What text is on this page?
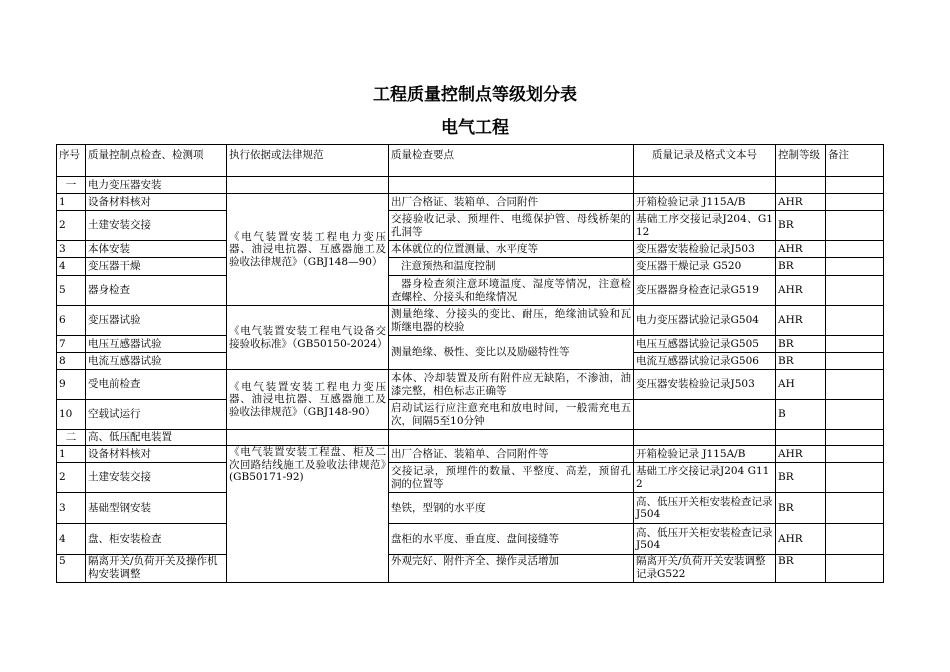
工程质量控制点等级划分表
电气工程
序号	质量控制点检查、检测项	执行依据或法律规范	质量检查要点	质量记录及格式文本号	控制等级	备注
一	电力变压器安装					
1	设备材料核对	《电气装置安装工程电力变压器、油浸电抗器、互感器施工及验收法律规范》（GBJ148—90）	出厂合格证、装箱单、合同附件	开箱检验记录 J115A/B	AHR	
2	土建安装交接		交接验收记录、预埋件、电缆保护管、母线桥架的孔洞等	基础工序交接记录J204、G112	BR	
3	本体安装		本体就位的位置测量、水平度等	变压器安装检验记录J503	AHR	
4	变压器干燥		注意预热和温度控制	变压器干燥记录 G520	BR	
5	器身检查		器身检查须注意环境温度、湿度等情况，注意检查螺栓、分接头和绝缘情况	变压器器身检查记录G519	AHR	
6	变压器试验	《电气装置安装工程电气设备交接验收标准》（GB50150-2024）	测量绝缘、分接头的变比、耐压，绝缘油试验和瓦斯继电器的校验	电力变压器试验记录G504	AHR	
7	电压互感器试验		测量绝缘、极性、变比以及励磁特性等	电压互感器试验记录G505	BR	
8	电流互感器试验			电流互感器试验记录G506	BR	
9	受电前检查	《电气装置安装工程电力变压器、油浸电抗器、互感器施工及验收法律规范》（GBJ148-90）	本体、冷却装置及所有附件应无缺陷，不渗油，油漆完整，相色标志正确等	变压器安装检验记录J503	AH	
10	空载试运行		启动试运行应注意充电和放电时间，一般需充电五次，间隔5至10分钟		B	
二	高、低压配电装置					
1	设备材料核对	《电气装置安装工程盘、柜及二次回路结线施工及验收法律规范》(GB50171-92)	出厂合格证、装箱单、合同附件等	开箱检验记录 J115A/B	AHR	
2	土建安装交接		交接记录，预埋件的数量、平整度、高差，预留孔洞的位置等	基础工序交接记录J204 G112	BR	
3	基础型钢安装		垫铁，型钢的水平度	高、低压开关柜安装检查记录J504	BR	
4	盘、柜安装检查		盘柜的水平度、垂直度、盘间接缝等	高、低压开关柜安装检查记录J504	AHR	
5	隔离开关/负荷开关及操作机构安装调整		外观完好、附件齐全、操作灵活增加	隔离开关/负荷开关安装调整记录G522	BR	
